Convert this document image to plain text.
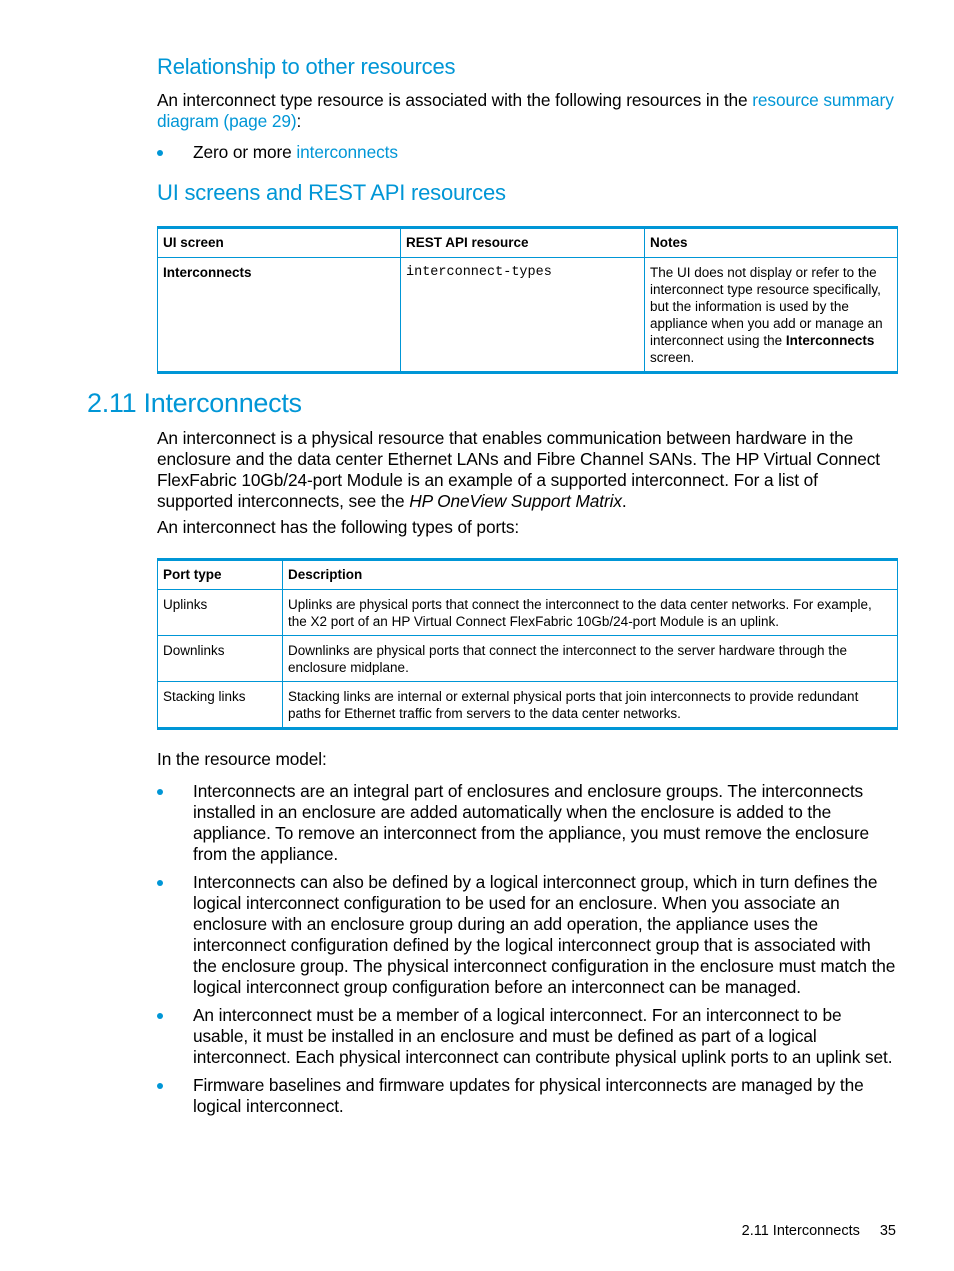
Relationship to other resources

An interconnect type resource is associated with the following resources in the resource summary diagram (page 29):

Zero or more interconnects
UI screens and REST API resources
UI screen	REST API resource	Notes
Interconnects	interconnect-types	The UI does not display or refer to the interconnect type resource specifically, but the information is used by the appliance when you add or manage an interconnect using the Interconnects screen.
2.11 Interconnects

An interconnect is a physical resource that enables communication between hardware in the enclosure and the data center Ethernet LANs and Fibre Channel SANs. The HP Virtual Connect FlexFabric 10Gb/24-port Module is an example of a supported interconnect. For a list of supported interconnects, see the HP OneView Support Matrix.

An interconnect has the following types of ports:

Port type	Description
Uplinks	Uplinks are physical ports that connect the interconnect to the data center networks. For example, the X2 port of an HP Virtual Connect FlexFabric 10Gb/24-port Module is an uplink.
Downlinks	Downlinks are physical ports that connect the interconnect to the server hardware through the enclosure midplane.
Stacking links	Stacking links are internal or external physical ports that join interconnects to provide redundant paths for Ethernet traffic from servers to the data center networks.

In the resource model:

Interconnects are an integral part of enclosures and enclosure groups. The interconnects installed in an enclosure are added automatically when the enclosure is added to the appliance. To remove an interconnect from the appliance, you must remove the enclosure from the appliance.
Interconnects can also be defined by a logical interconnect group, which in turn defines the logical interconnect configuration to be used for an enclosure. When you associate an enclosure with an enclosure group during an add operation, the appliance uses the interconnect configuration defined by the logical interconnect group that is associated with the enclosure group. The physical interconnect configuration in the enclosure must match the logical interconnect group configuration before an interconnect can be managed.
An interconnect must be a member of a logical interconnect. For an interconnect to be usable, it must be installed in an enclosure and must be defined as part of a logical interconnect. Each physical interconnect can contribute physical uplink ports to an uplink set.
Firmware baselines and firmware updates for physical interconnects are managed by the logical interconnect.
2.11 Interconnects 35
